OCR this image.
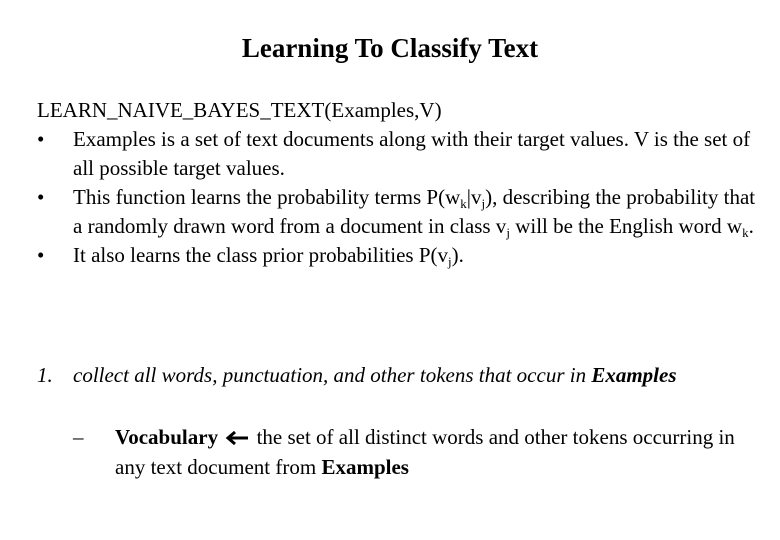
Learning To Classify Text
LEARN_NAIVE_BAYES_TEXT(Examples,V)

• Examples is a set of text documents along with their target values. V is the set of all possible target values.

• This function learns the probability terms $P(w_k|v_j)$, describing the probability that a randomly drawn word from a document in class $v_j$ will be the English word $w_k$.

• It also learns the class prior probabilities $P(v_j)$.

1. collect all words, punctuation, and other tokens that occur in Examples
–	Vocabulary the set of all distinct words and other tokens occurring in any text document from Examples
